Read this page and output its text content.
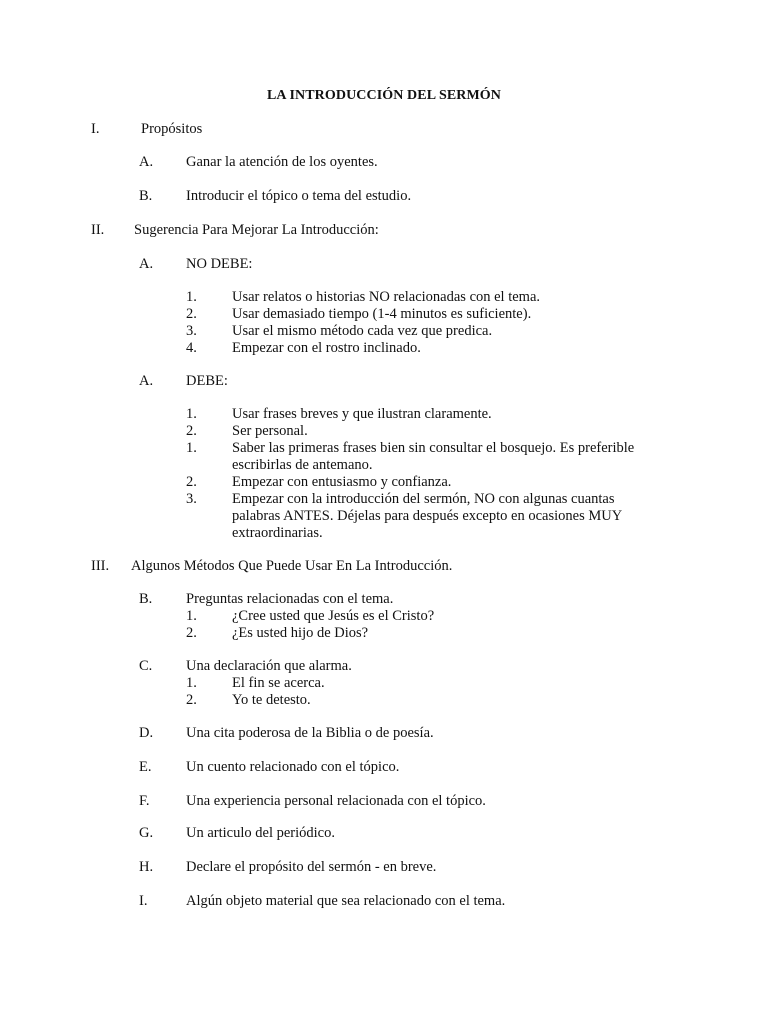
LA INTRODUCCIÓN DEL SERMÓN
I.	Propósitos
A. Ganar la atención de los oyentes.
B. Introducir el tópico o tema del estudio.
II. Sugerencia Para Mejorar La Introducción:
A. NO DEBE:
1. Usar relatos o historias NO relacionadas con el tema.
2. Usar demasiado tiempo (1-4 minutos es suficiente).
3. Usar el mismo método cada vez que predica.
4. Empezar con el rostro inclinado.
A. DEBE:
1. Usar frases breves y que ilustran claramente.
2. Ser personal.
1. Saber las primeras frases bien sin consultar el bosquejo. Es preferible
escribirlas de antemano.
2. Empezar con entusiasmo y confianza.
3. Empezar con la introducción del sermón, NO con algunas cuantas
palabras ANTES. Déjelas para después excepto en ocasiones MUY
extraordinarias.
III. Algunos Métodos Que Puede Usar En La Introducción.
B. Preguntas relacionadas con el tema.
1. ¿Cree usted que Jesús es el Cristo?
2. ¿Es usted hijo de Dios?
C. Una declaración que alarma.
1. El fin se acerca.
2. Yo te detesto.
D. Una cita poderosa de la Biblia o de poesía.
E. Un cuento relacionado con el tópico.
F.	Una experiencia personal relacionada con el tópico.
G. Un articulo del periódico.
H. Declare el propósito del sermón - en breve.
I.	Algún objeto material que sea relacionado con el tema.
